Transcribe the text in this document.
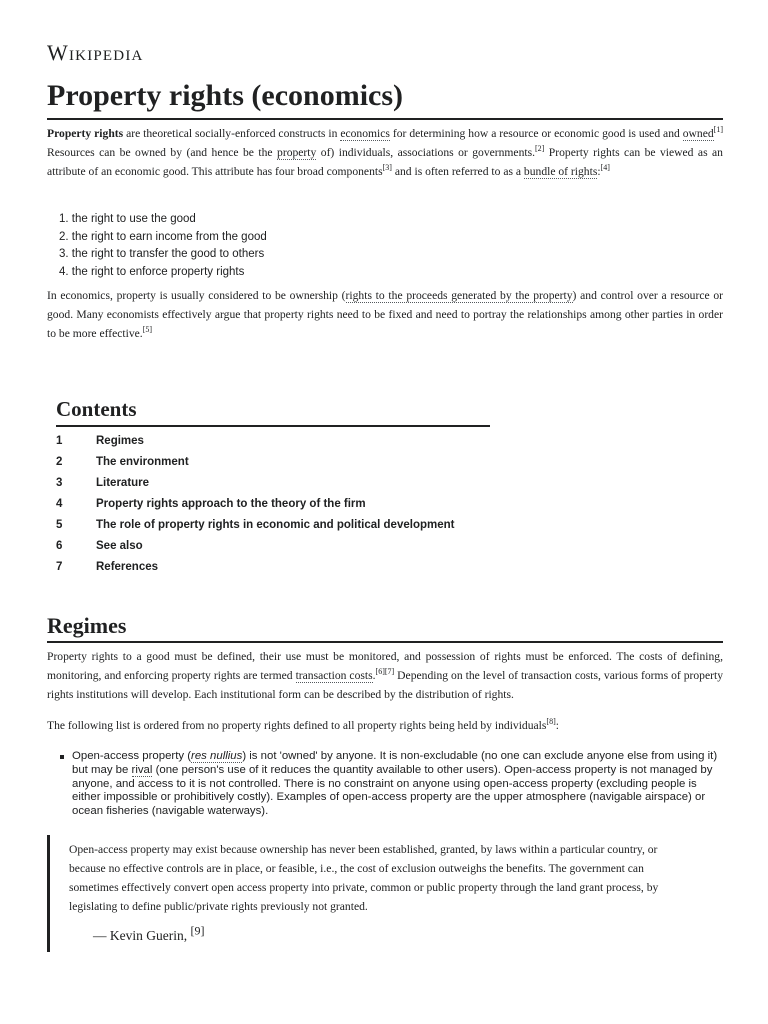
Wikipedia
Property rights (economics)

Property rights are theoretical socially-enforced constructs in economics for determining how a resource or economic good is used and owned[1] Resources can be owned by (and hence be the property of) individuals, associations or governments.[2] Property rights can be viewed as an attribute of an economic good. This attribute has four broad components[3] and is often referred to as a bundle of rights:[4]

1. the right to use the good
2. the right to earn income from the good
3. the right to transfer the good to others
4. the right to enforce property rights

In economics, property is usually considered to be ownership (rights to the proceeds generated by the property) and control over a resource or good. Many economists effectively argue that property rights need to be fixed and need to portray the relationships among other parties in order to be more effective.[5]

Contents
1	Regimes
2	The environment
3	Literature
4	Property rights approach to the theory of the firm
5	The role of property rights in economic and political development
6	See also
7	References
Regimes

Property rights to a good must be defined, their use must be monitored, and possession of rights must be enforced. The costs of defining, monitoring, and enforcing property rights are termed transaction costs.[6][7] Depending on the level of transaction costs, various forms of property rights institutions will develop. Each institutional form can be described by the distribution of rights.

The following list is ordered from no property rights defined to all property rights being held by individuals[8]:

Open-access property (res nullius) is not 'owned' by anyone. It is non-excludable (no one can exclude anyone else from using it) but may be rival (one person's use of it reduces the quantity available to other users). Open-access property is not managed by anyone, and access to it is not controlled. There is no constraint on anyone using open-access property (excluding people is either impossible or prohibitively costly). Examples of open-access property are the upper atmosphere (navigable airspace) or ocean fisheries (navigable waterways).

Open-access property may exist because ownership has never been established, granted, by laws within a particular country, or because no effective controls are in place, or feasible, i.e., the cost of exclusion outweighs the benefits. The government can sometimes effectively convert open access property into private, common or public property through the land grant process, by legislating to define public/private rights previously not granted.

— Kevin Guerin, [9]
